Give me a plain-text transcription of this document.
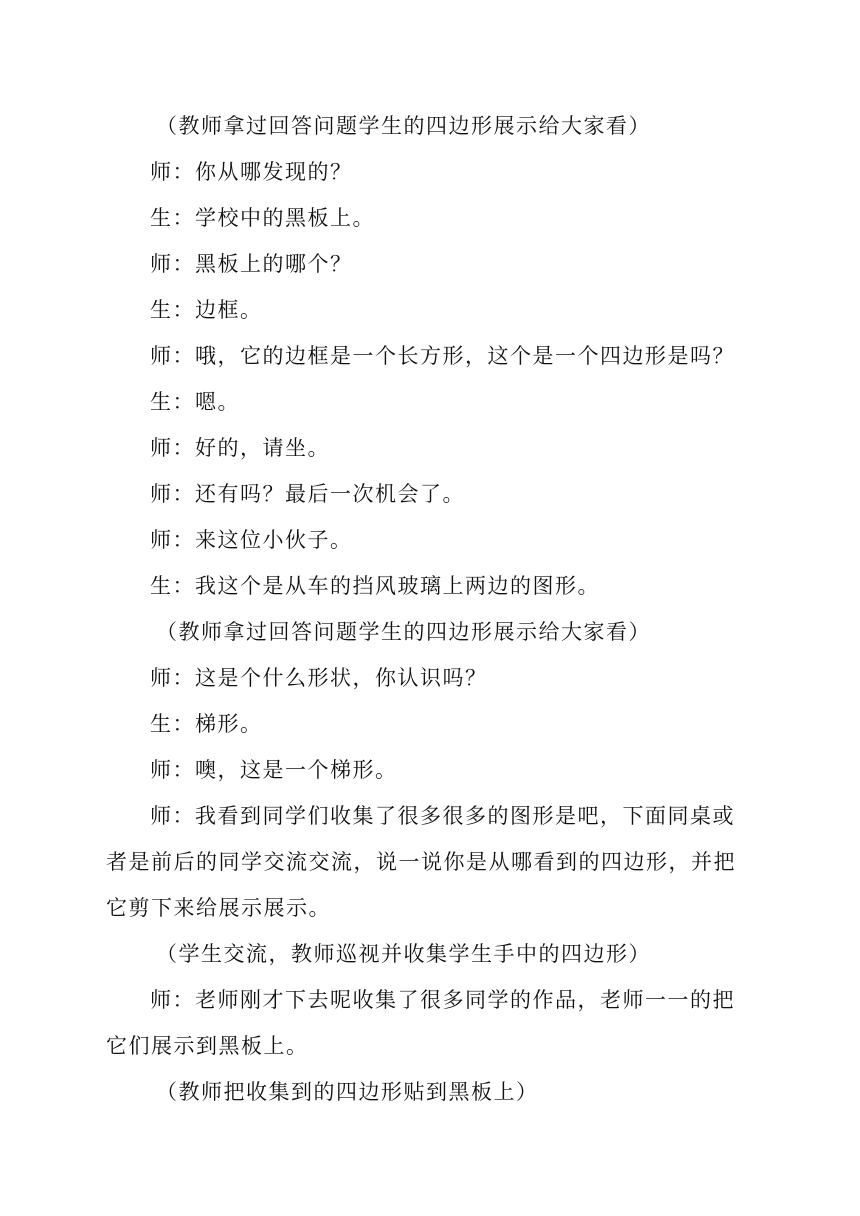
（教师拿过回答问题学生的四边形展示给大家看）

师：你从哪发现的？

生：学校中的黑板上。

师：黑板上的哪个？

生：边框。

师：哦，它的边框是一个长方形，这个是一个四边形是吗？

生：嗯。

师：好的，请坐。

师：还有吗？最后一次机会了。

师：来这位小伙子。

生：我这个是从车的挡风玻璃上两边的图形。

（教师拿过回答问题学生的四边形展示给大家看）

师：这是个什么形状，你认识吗？

生：梯形。

师：噢，这是一个梯形。

师：我看到同学们收集了很多很多的图形是吧，下面同桌或
者是前后的同学交流交流，说一说你是从哪看到的四边形，并把
它剪下来给展示展示。

（学生交流，教师巡视并收集学生手中的四边形）

师：老师刚才下去呢收集了很多同学的作品，老师一一的把
它们展示到黑板上。

（教师把收集到的四边形贴到黑板上）
